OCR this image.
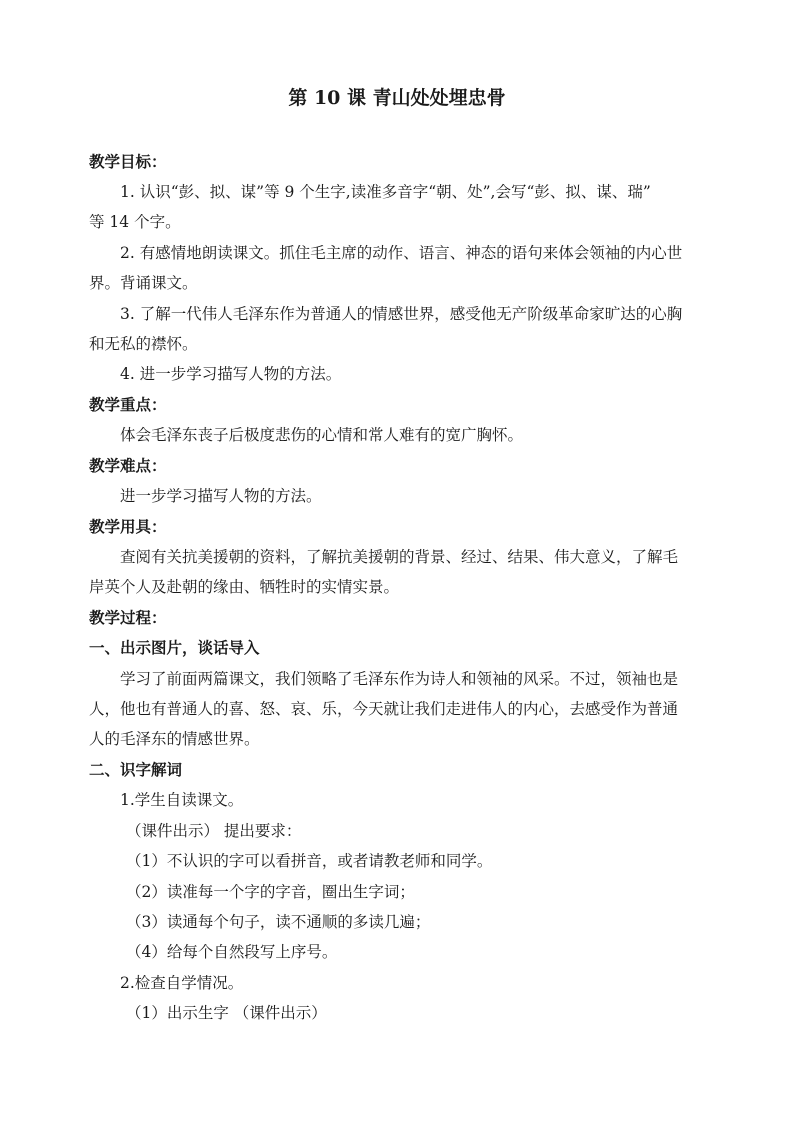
第 10 课 青山处处埋忠骨
教学目标：
1. 认识“彭、拟、谋”等 9 个生字,读准多音字“朝、处”,会写“彭、拟、谋、瑞”
等 14 个字。
2. 有感情地朗读课文。抓住毛主席的动作、语言、神态的语句来体会领袖的内心世
界。背诵课文。
3. 了解一代伟人毛泽东作为普通人的情感世界，感受他无产阶级革命家旷达的心胸
和无私的襟怀。
4. 进一步学习描写人物的方法。
教学重点：
体会毛泽东丧子后极度悲伤的心情和常人难有的宽广胸怀。
教学难点：
进一步学习描写人物的方法。
教学用具：
查阅有关抗美援朝的资料，了解抗美援朝的背景、经过、结果、伟大意义，了解毛
岸英个人及赴朝的缘由、牺牲时的实情实景。
教学过程：
一、出示图片，谈话导入
学习了前面两篇课文，我们领略了毛泽东作为诗人和领袖的风采。不过，领袖也是
人，他也有普通人的喜、怒、哀、乐，今天就让我们走进伟人的内心，去感受作为普通
人的毛泽东的情感世界。
二、识字解词
1.学生自读课文。
（课件出示） 提出要求：
（1）不认识的字可以看拼音，或者请教老师和同学。
（2）读准每一个字的字音，圈出生字词；
（3）读通每个句子，读不通顺的多读几遍；
（4）给每个自然段写上序号。
2.检查自学情况。
（1）出示生字 （课件出示）
